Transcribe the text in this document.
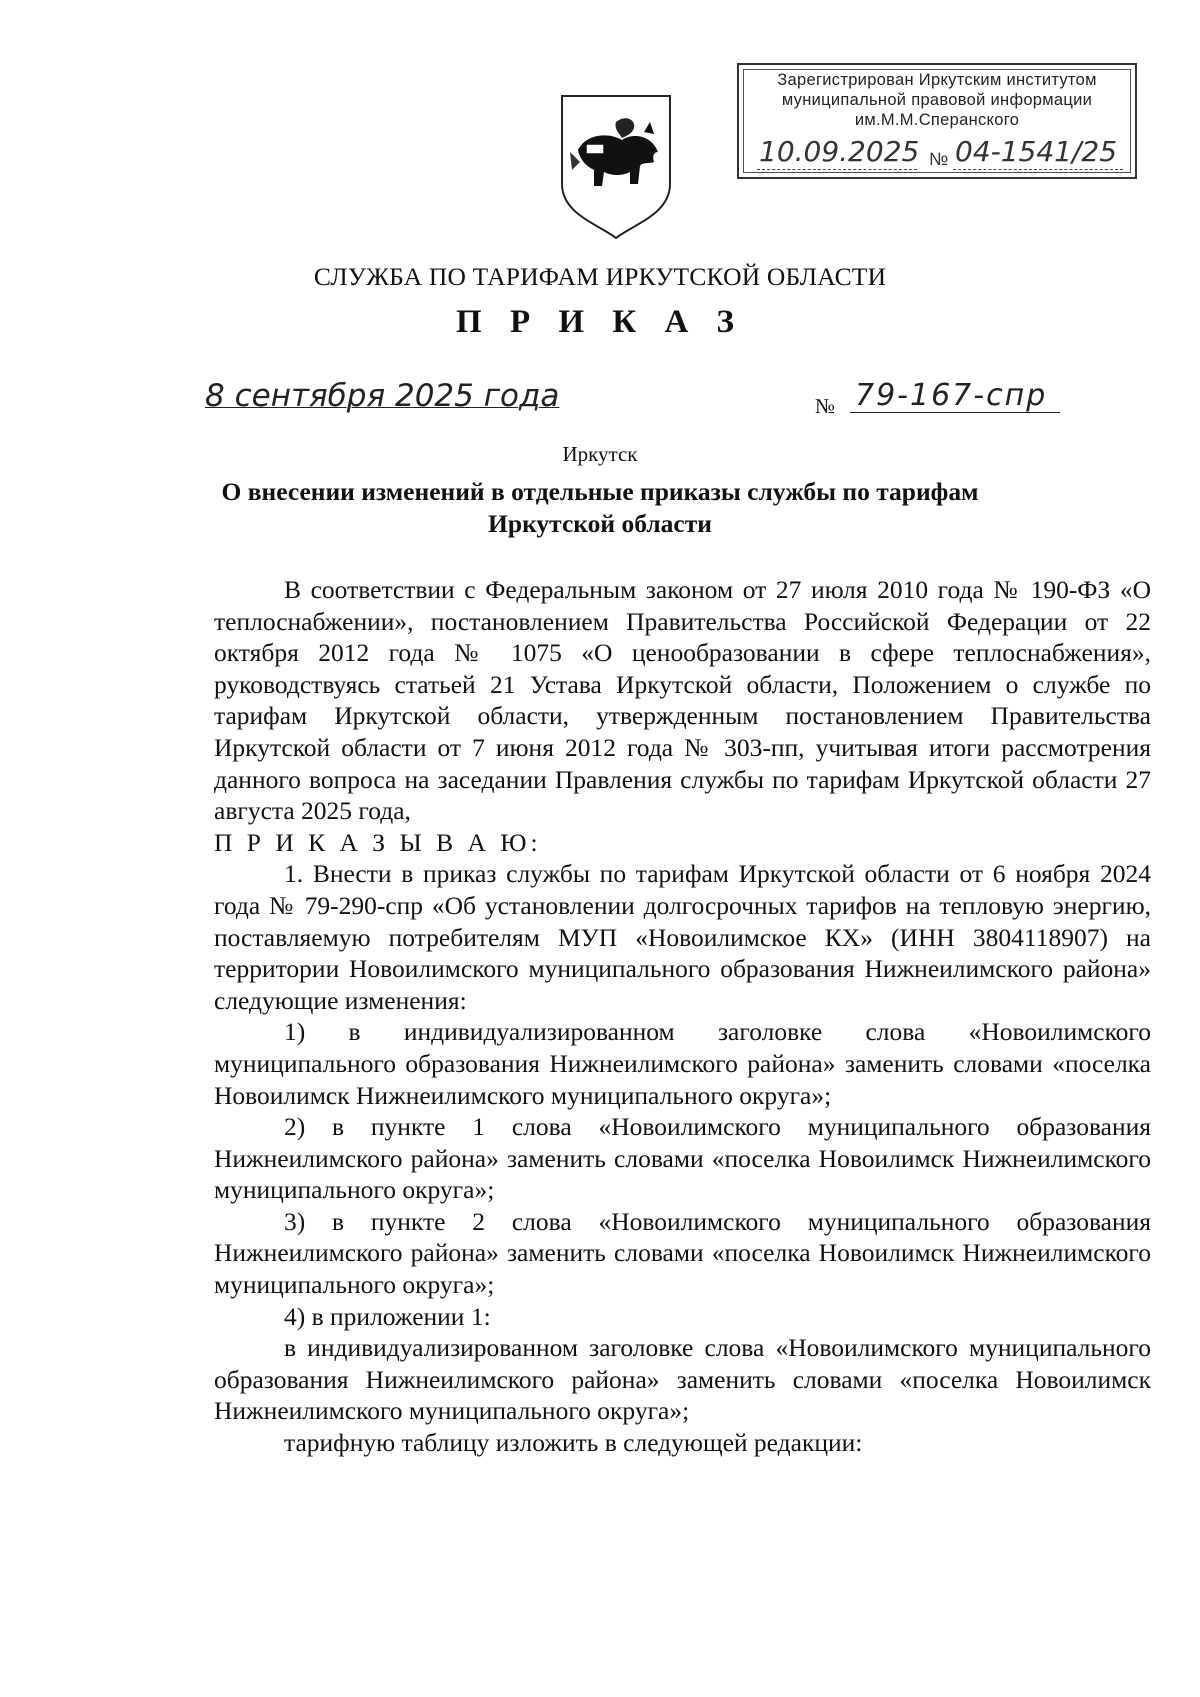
Зарегистрирован Иркутским институтом
муниципальной правовой информации
им.М.М.Сперанского
10.09.2025 № 04-1541/25
СЛУЖБА ПО ТАРИФАМ ИРКУТСКОЙ ОБЛАСТИ
П Р И К А З
8 сентября 2025 года	№ 79-167-спр
Иркутск
О внесении изменений в отдельные приказы службы по тарифам Иркутской области

В соответствии с Федеральным законом от 27 июля 2010 года № 190-ФЗ «О теплоснабжении», постановлением Правительства Российской Федерации от 22 октября 2012 года № 1075 «О ценообразовании в сфере теплоснабжения», руководствуясь статьей 21 Устава Иркутской области, Положением о службе по тарифам Иркутской области, утвержденным постановлением Правительства Иркутской области от 7 июня 2012 года № 303-пп, учитывая итоги рассмотрения данного вопроса на заседании Правления службы по тарифам Иркутской области 27 августа 2025 года,

П Р И К А З Ы В А Ю:

1. Внести в приказ службы по тарифам Иркутской области от 6 ноября 2024 года № 79-290-спр «Об установлении долгосрочных тарифов на тепловую энергию, поставляемую потребителям МУП «Новоилимское КХ» (ИНН 3804118907) на территории Новоилимского муниципального образования Нижнеилимского района» следующие изменения:

1) в индивидуализированном заголовке слова «Новоилимского муниципального образования Нижнеилимского района» заменить словами «поселка Новоилимск Нижнеилимского муниципального округа»;

2) в пункте 1 слова «Новоилимского муниципального образования Нижнеилимского района» заменить словами «поселка Новоилимск Нижнеилимского муниципального округа»;

3) в пункте 2 слова «Новоилимского муниципального образования Нижнеилимского района» заменить словами «поселка Новоилимск Нижнеилимского муниципального округа»;

4) в приложении 1:

в индивидуализированном заголовке слова «Новоилимского муниципального образования Нижнеилимского района» заменить словами «поселка Новоилимск Нижнеилимского муниципального округа»;

тарифную таблицу изложить в следующей редакции:
